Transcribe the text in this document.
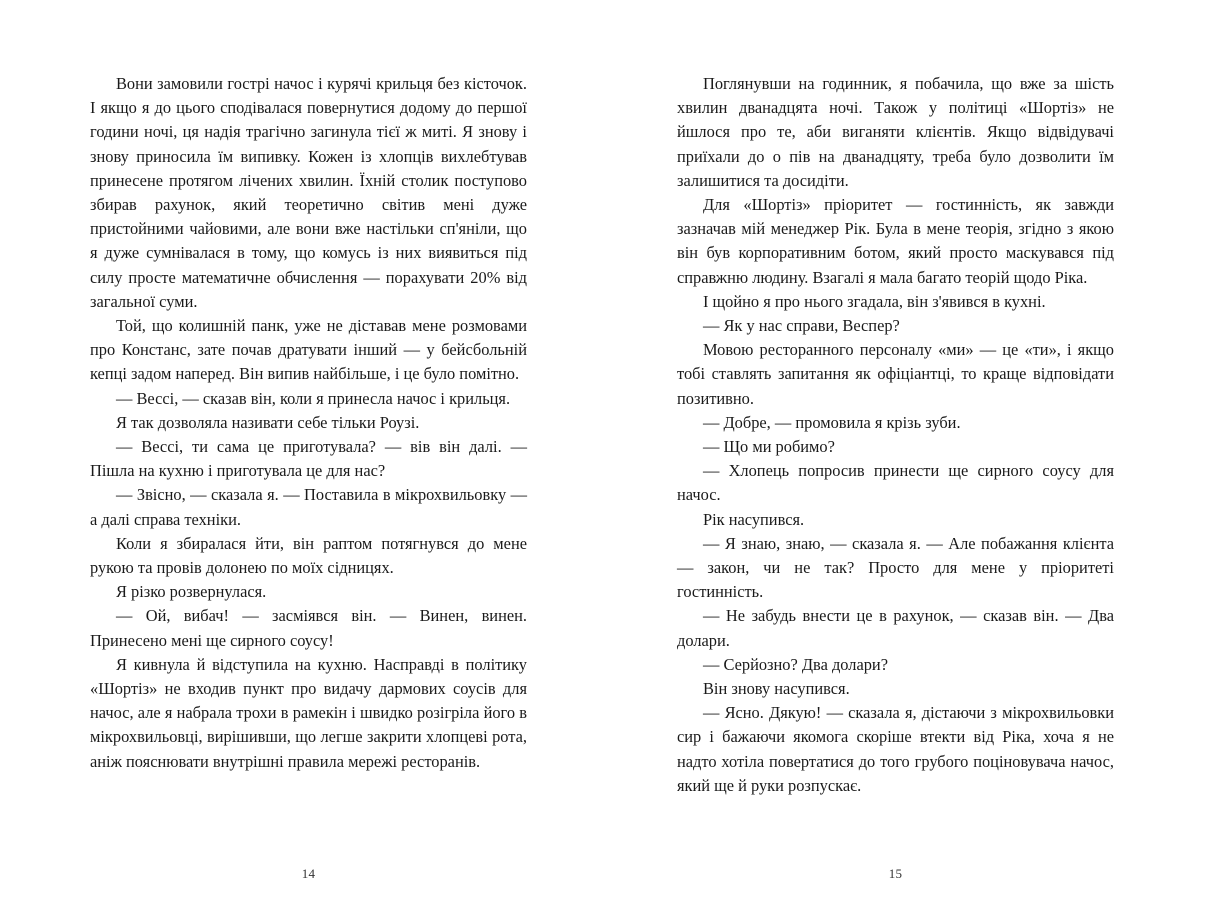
Вони замовили гострі начос і курячі крильця без кісточок. І якщо я до цього сподівалася повернутися додому до першої години ночі, ця надія трагічно загинула тієї ж миті. Я знову і знову приносила їм випивку. Кожен із хлопців вихлебтував принесене протягом лічених хвилин. Їхній столик поступово збирав рахунок, який теоретично світив мені дуже пристойними чайовими, але вони вже настільки сп'яніли, що я дуже сумнівалася в тому, що комусь із них виявиться під силу просте математичне обчислення — порахувати 20% від загальної суми.

Той, що колишній панк, уже не діставав мене розмовами про Констанс, зате почав дратувати інший — у бейсбольній кепці задом наперед. Він випив найбільше, і це було помітно.

— Вессі, — сказав він, коли я принесла начос і крильця.

Я так дозволяла називати себе тільки Роузі.

— Вессі, ти сама це приготувала? — вів він далі. — Пішла на кухню і приготувала це для нас?

— Звісно, — сказала я. — Поставила в мікрохвильовку — а далі справа техніки.

Коли я збиралася йти, він раптом потягнувся до мене рукою та провів долонею по моїх сідницях.

Я різко розвернулася.

— Ой, вибач! — засміявся він. — Винен, винен. Принесено мені ще сирного соусу!

Я кивнула й відступила на кухню. Насправді в політику «Шортіз» не входив пункт про видачу дармових соусів для начос, але я набрала трохи в рамекін і швидко розігріла його в мікрохвильовці, вирішивши, що легше закрити хлопцеві рота, аніж пояснювати внутрішні правила мережі ресторанів.

14

Поглянувши на годинник, я побачила, що вже за шість хвилин дванадцята ночі. Також у політиці «Шортіз» не йшлося про те, аби виганяти клієнтів. Якщо відвідувачі приїхали до о пів на дванадцяту, треба було дозволити їм залишитися та досидіти.

Для «Шортіз» пріоритет — гостинність, як завжди зазначав мій менеджер Рік. Була в мене теорія, згідно з якою він був корпоративним ботом, який просто маскувався під справжню людину. Взагалі я мала багато теорій щодо Ріка.

І щойно я про нього згадала, він з'явився в кухні.

— Як у нас справи, Веспер?

Мовою ресторанного персоналу «ми» — це «ти», і якщо тобі ставлять запитання як офіціантці, то краще відповідати позитивно.

— Добре, — промовила я крізь зуби.

— Що ми робимо?

— Хлопець попросив принести ще сирного соусу для начос.

Рік насупився.

— Я знаю, знаю, — сказала я. — Але побажання клієнта — закон, чи не так? Просто для мене у пріоритеті гостинність.

— Не забудь внести це в рахунок, — сказав він. — Два долари.

— Серйозно? Два долари?

Він знову насупився.

— Ясно. Дякую! — сказала я, дістаючи з мікрохвильовки сир і бажаючи якомога скоріше втекти від Ріка, хоча я не надто хотіла повертатися до того грубого поціновувача начос, який ще й руки розпускає.

15
